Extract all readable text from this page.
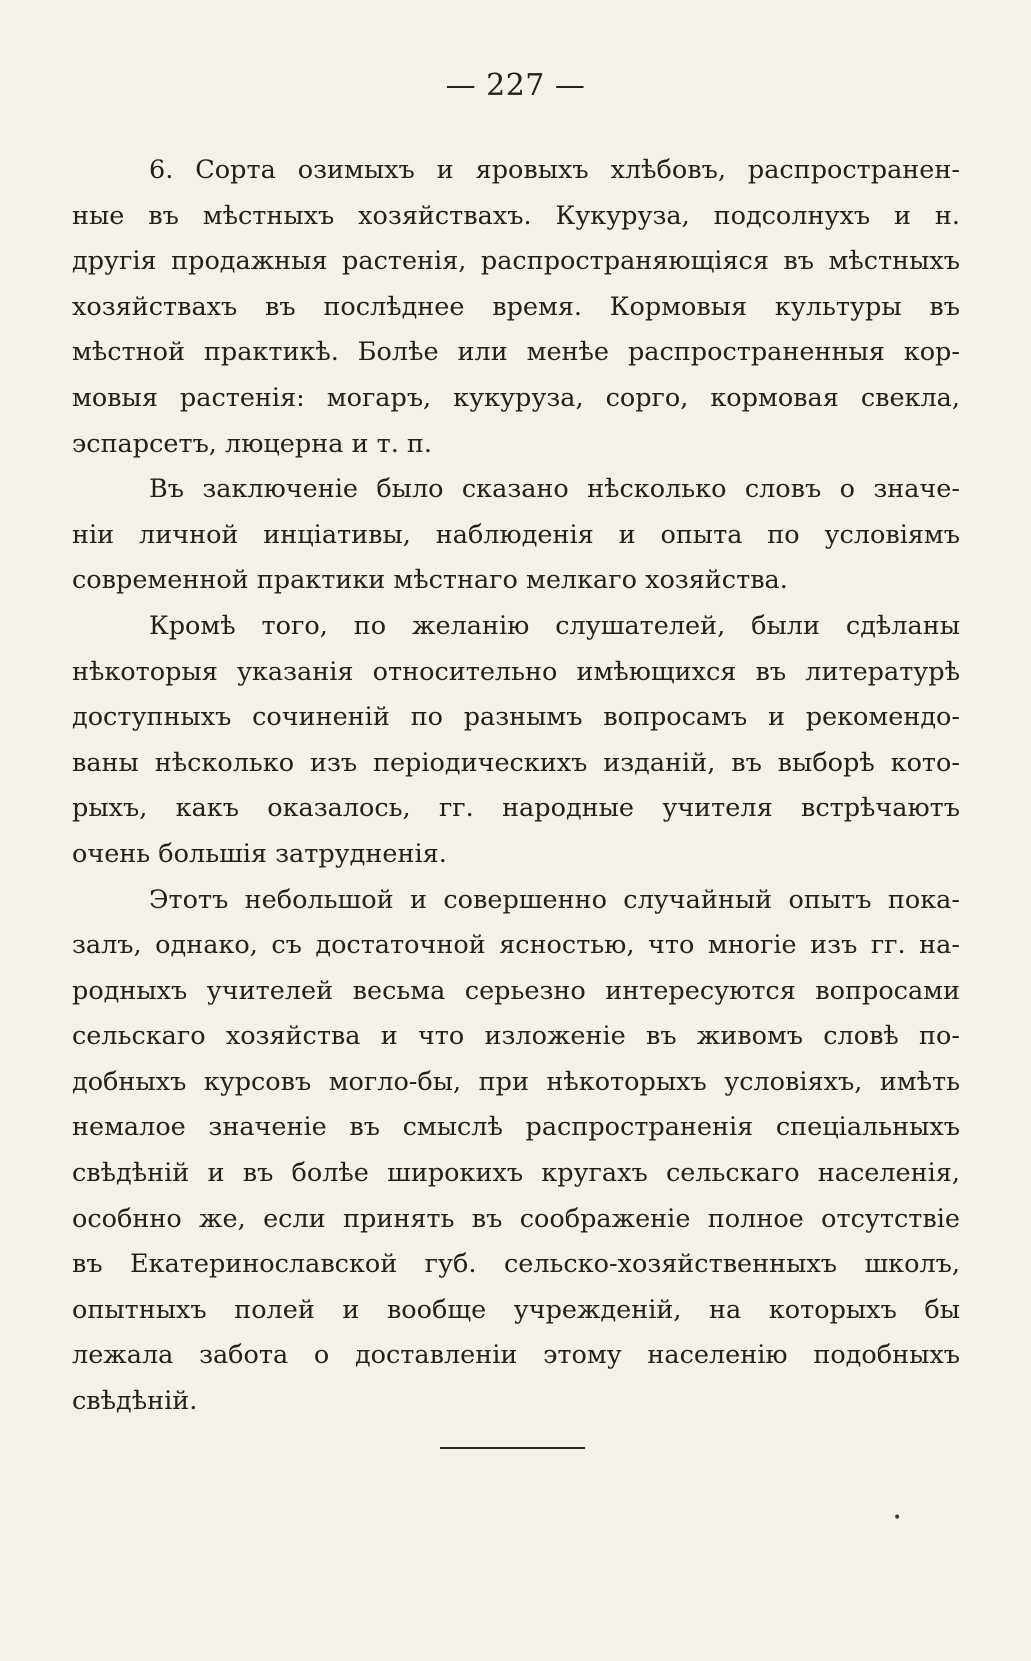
— 227 —
6. Сорта озимыхъ и яровыхъ хлѣбовъ, распространен-
ные въ мѣстныхъ хозяйствахъ. Кукуруза, подсолнухъ и н.
другія продажныя растенія, распространяющіяся въ мѣстныхъ
хозяйствахъ въ послѣднее время. Кормовыя культуры въ
мѣстной практикѣ. Болѣе или менѣе распространенныя кор-
мовыя растенія: могаръ, кукуруза, сорго, кормовая свекла,
эспарсетъ, люцерна и т. п.
Въ заключеніе было сказано нѣсколько словъ о значе-
ніи личной инціативы, наблюденія и опыта по условіямъ
современной практики мѣстнаго мелкаго хозяйства.
Кромѣ того, по желанію слушателей, были сдѣланы
нѣкоторыя указанія относительно имѣющихся въ литературѣ
доступныхъ сочиненій по разнымъ вопросамъ и рекомендо-
ваны нѣсколько изъ періодическихъ изданій, въ выборѣ кото-
рыхъ, какъ оказалось, гг. народные учителя встрѣчаютъ
очень большія затрудненія.
Этотъ небольшой и совершенно случайный опытъ пока-
залъ, однако, съ достаточной ясностью, что многіе изъ гг. на-
родныхъ учителей весьма серьезно интересуются вопросами
сельскаго хозяйства и что изложеніе въ живомъ словѣ по-
добныхъ курсовъ могло-бы, при нѣкоторыхъ условіяхъ, имѣть
немалое значеніе въ смыслѣ распространенія спеціальныхъ
свѣдѣній и въ болѣе широкихъ кругахъ сельскаго населенія,
особнно же, если принять въ соображеніе полное отсутствіе
въ Екатеринославской губ. сельско-хозяйственныхъ школъ,
опытныхъ полей и вообще учрежденій, на которыхъ бы
лежала забота о доставленіи этому населенію подобныхъ
свѣдѣній.
•
